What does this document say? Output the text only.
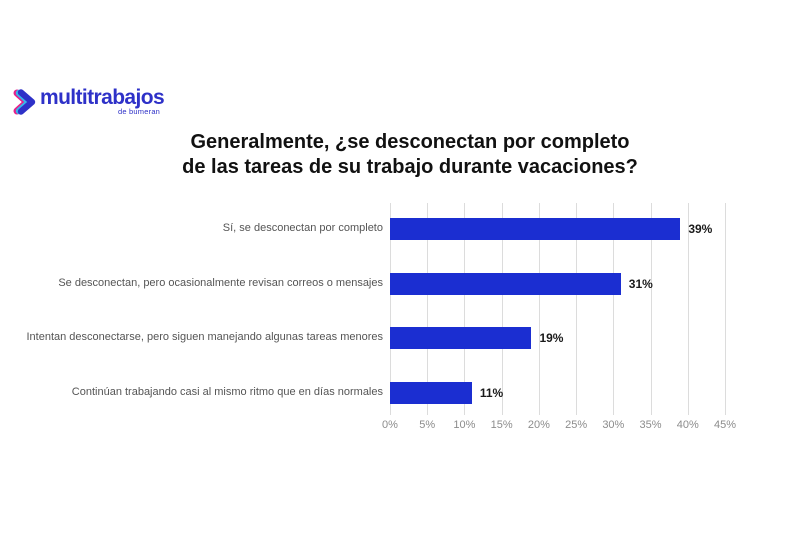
multitrabajos
de bumeran
Generalmente, ¿se desconectan por completo
de las tareas de su trabajo durante vacaciones?
0% 5% 10% 15% 20% 25% 30% 35% 40% 45%
Sí, se desconectan por completo	39%
Se desconectan, pero ocasionalmente revisan correos o mensajes	31%
Intentan desconectarse, pero siguen manejando algunas tareas menores	19%
Continúan trabajando casi al mismo ritmo que en días normales	11%
